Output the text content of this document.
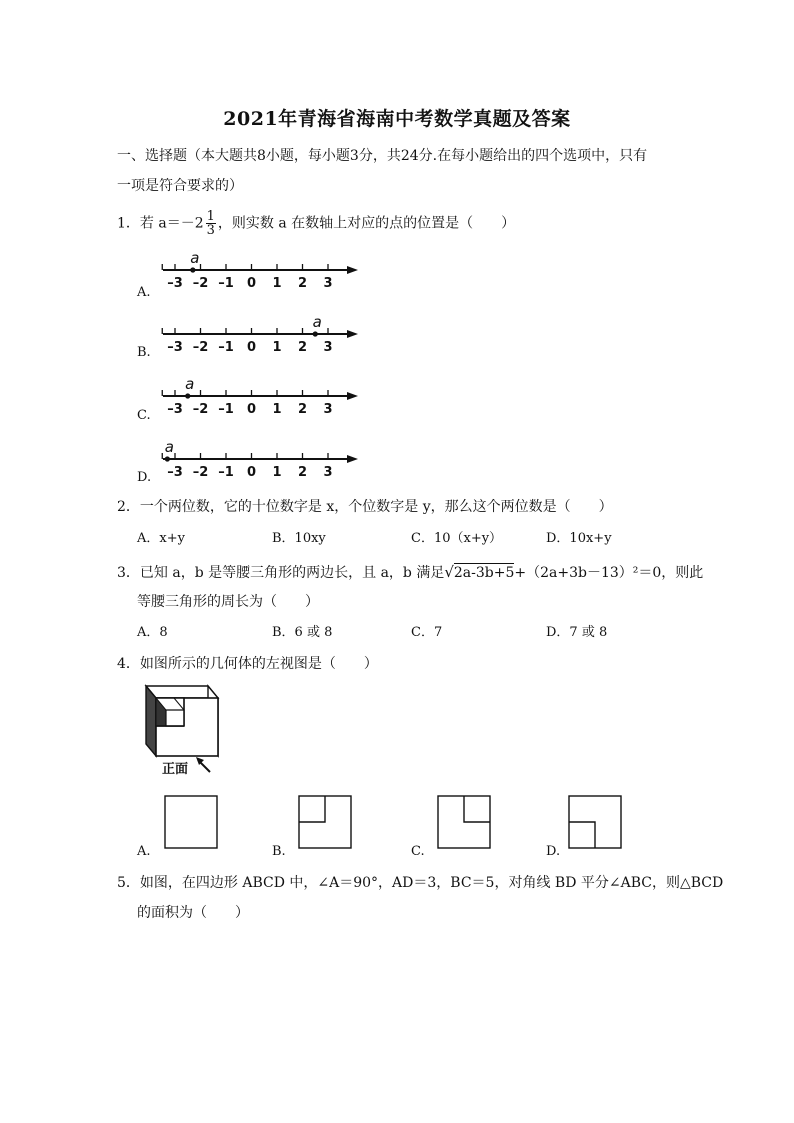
2021年青海省海南中考数学真题及答案
一、选择题（本大题共8小题，每小题3分，共24分.在每小题给出的四个选项中，只有
一项是符合要求的）
1．若 $a=-2 \frac{1}{3}$ ，则实数 a 在数轴上对应的点的位置是（　　）
A.
B.
C.
D.
–3 –2 –1 0 1 2 3
a
–3 –2 –1 0 1 2 3
a
–3 –2 –1 0 1 2 3
a
–3 –2 –1 0 1 2 3
a
2．一个两位数，它的十位数字是 x，个位数字是 y，那么这个两位数是（　　）
A．x+y	B．10xy	C．10（x+y）	D．10x+y
3．已知 a，b 是等腰三角形的两边长，且 a，b 满足√2a-3b+5+（2a+3b－13）²＝0，则此
等腰三角形的周长为（　　）
A．8	B．6 或 8	C．7	D．7 或 8
4．如图所示的几何体的左视图是（　　）
正面
A.	B.	C.	D.
5．如图，在四边形 ABCD 中，∠A＝90°，AD＝3，BC＝5，对角线 BD 平分∠ABC，则△BCD
的面积为（　　）
